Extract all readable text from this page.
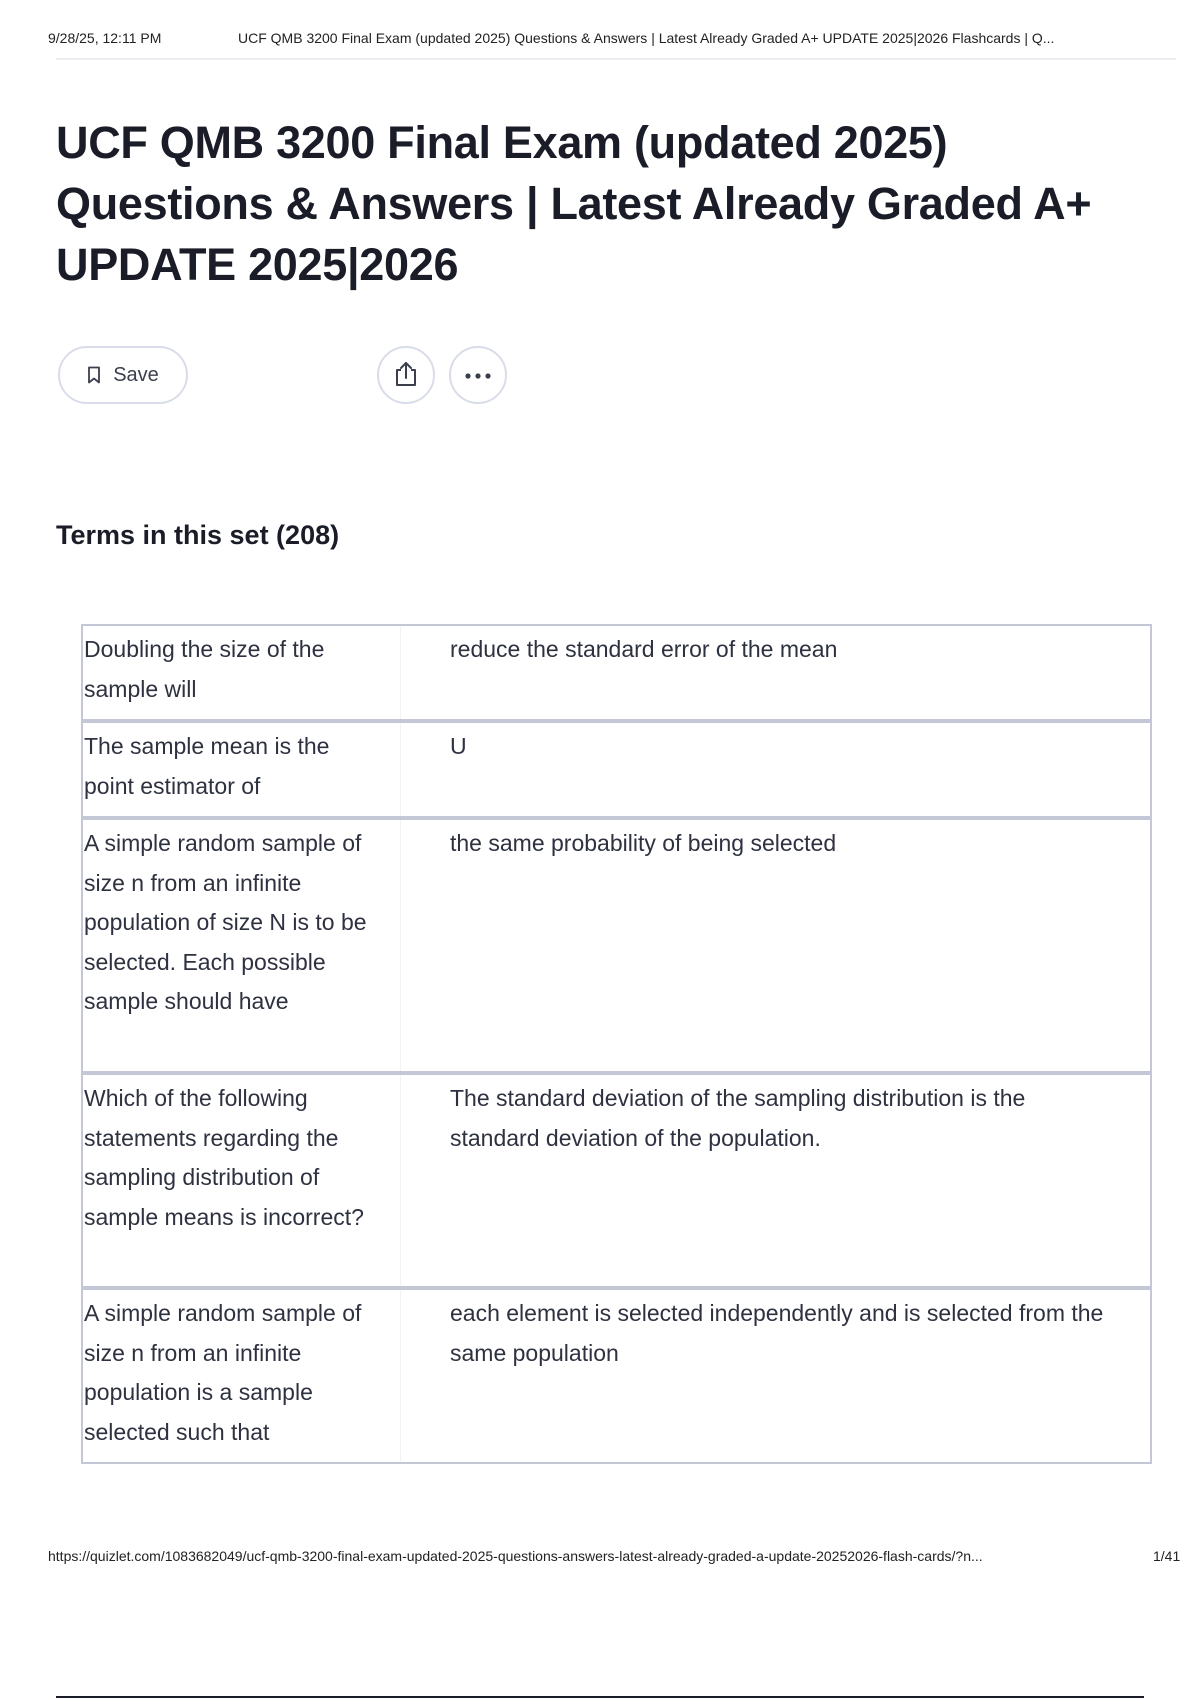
9/28/25, 12:11 PM	UCF QMB 3200 Final Exam (updated 2025) Questions & Answers | Latest Already Graded A+ UPDATE 2025|2026 Flashcards | Q...
UCF QMB 3200 Final Exam (updated 2025) Questions & Answers | Latest Already Graded A+ UPDATE 2025|2026
Save
Terms in this set (208)
Doubling the size of the sample will
reduce the standard error of the mean
The sample mean is the point estimator of
U
A simple random sample of size n from an infinite population of size N is to be selected. Each possible sample should have
the same probability of being selected
Which of the following statements regarding the sampling distribution of sample means is incorrect?
The standard deviation of the sampling distribution is the standard deviation of the population.
A simple random sample of size n from an infinite population is a sample selected such that
each element is selected independently and is selected from the same population
https://quizlet.com/1083682049/ucf-qmb-3200-final-exam-updated-2025-questions-answers-latest-already-graded-a-update-20252026-flash-cards/?n...	1/41
